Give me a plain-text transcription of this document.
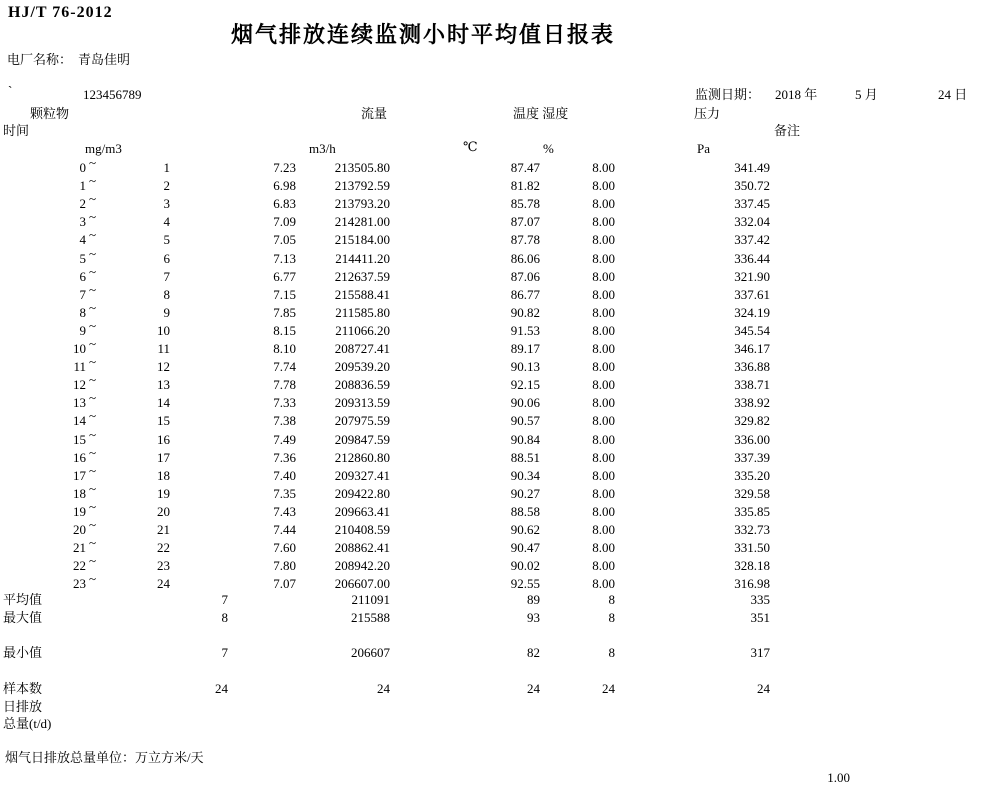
HJ/T 76-2012
烟气排放连续监测小时平均值日报表
电厂名称： 青岛佳明
`	123456789	监测日期： 2018 年	5 月	24 日
颗粒物	流量	温度 湿度	压力
时间	备注
mg/m3	m3/h	℃	%	Pa
0 ~	1	7.23	213505.80	87.47	8.00	341.49
1 ~	2	6.98	213792.59	81.82	8.00	350.72
2 ~	3	6.83	213793.20	85.78	8.00	337.45
3 ~	4	7.09	214281.00	87.07	8.00	332.04
4 ~	5	7.05	215184.00	87.78	8.00	337.42
5 ~	6	7.13	214411.20	86.06	8.00	336.44
6 ~	7	6.77	212637.59	87.06	8.00	321.90
7 ~	8	7.15	215588.41	86.77	8.00	337.61
8 ~	9	7.85	211585.80	90.82	8.00	324.19
9 ~	10	8.15	211066.20	91.53	8.00	345.54
10 ~	11	8.10	208727.41	89.17	8.00	346.17
11 ~	12	7.74	209539.20	90.13	8.00	336.88
12 ~	13	7.78	208836.59	92.15	8.00	338.71
13 ~	14	7.33	209313.59	90.06	8.00	338.92
14 ~	15	7.38	207975.59	90.57	8.00	329.82
15 ~	16	7.49	209847.59	90.84	8.00	336.00
16 ~	17	7.36	212860.80	88.51	8.00	337.39
17 ~	18	7.40	209327.41	90.34	8.00	335.20
18 ~	19	7.35	209422.80	90.27	8.00	329.58
19 ~	20	7.43	209663.41	88.58	8.00	335.85
20 ~	21	7.44	210408.59	90.62	8.00	332.73
21 ~	22	7.60	208862.41	90.47	8.00	331.50
22 ~	23	7.80	208942.20	90.02	8.00	328.18
23 ~	24	7.07	206607.00	92.55	8.00	316.98
平均值	7	211091	89	8	335
最大值	8	215588	93	8	351
最小值	7	206607	82	8	317
样本数	24	24	24	24	24
日排放
总量(t/d)
烟气日排放总量单位：万立方米/天
1.00
